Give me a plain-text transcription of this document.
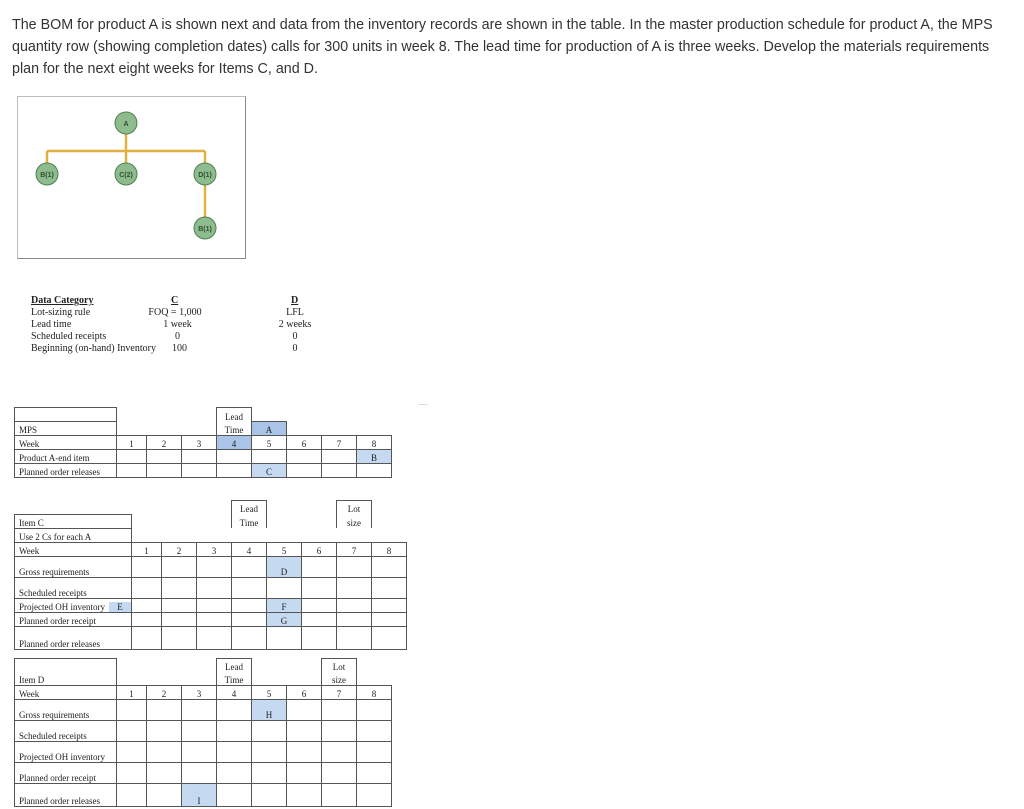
The BOM for product A is shown next and data from the inventory records are shown in the table. In the master production schedule for product A, the MPS quantity row (showing completion dates) calls for 300 units in week 8. The lead time for production of A is three weeks. Develop the materials requirements plan for the next eight weeks for Items C, and D.
A
B(1)	C(2)	D(1)
B(1)
Data Category	C	D
Lot-sizing rule	FOQ = 1,000	LFL
Lead time	1 week	2 weeks
Scheduled receipts	0	0
Beginning (on-hand) Inventory 100	0
				Lead					
MPS				Time	A				
Week	1	2	3	4	5	6	7	8	
Product A-end item								B	
Planned order releases					C				
				Lead			Lot		
Item C				Time			size		
Use 2 Cs for each A									
Week	1	2	3	4	5	6	7	8	
Gross requirements					D				
Scheduled receipts									
Projected OH inventory E					F				
Planned order receipt					G				
Planned order releases									
				Lead			Lot		
Item D				Time			size		
Week	1	2	3	4	5	6	7	8	
Gross requirements					H				
Scheduled receipts									
Projected OH inventory									
Planned order receipt									
Planned order releases			I						
